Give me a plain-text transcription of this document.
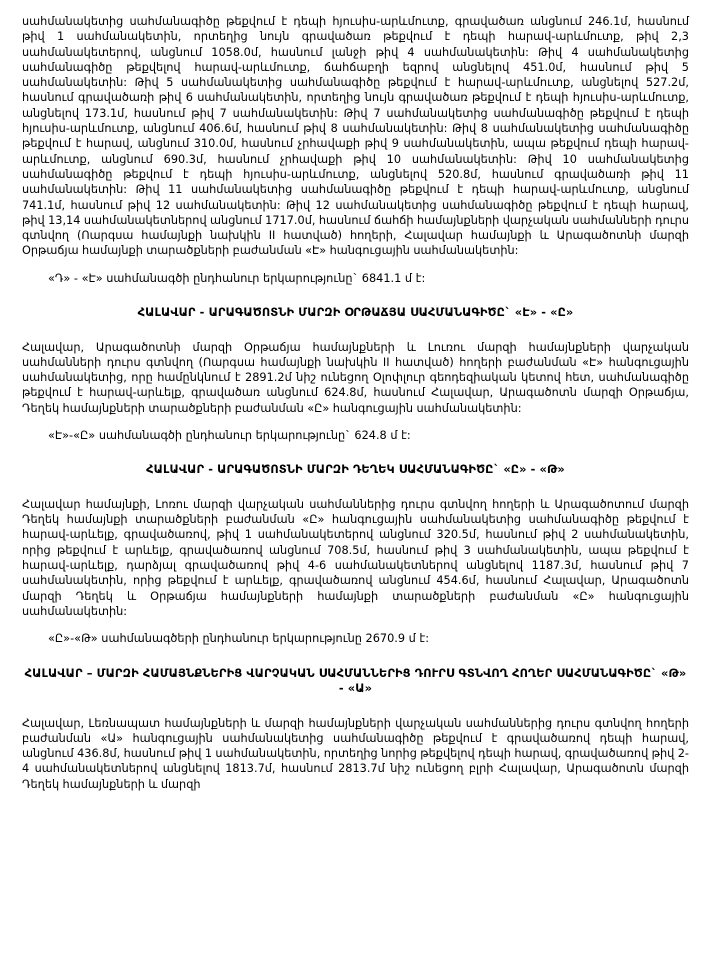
սահմանակետից սահմանագիծը թեքվում է դեպի հյուսիս-արևմուտք, գրավածառ անցնում 246.1մ, հասնում թիվ 1 սահմանակետին, որտեղից նույն գրավածառ թեքվում է դեպի հարավ-արևմուտք, թիվ 2,3 սահմանակետերով, անցնում 1058.0մ, հասնում լանջի թիվ 4 սահմանակետին: Թիվ 4 սահմանակետից սահմանագիծը թեքվելով հարավ-արևմուտք, ճահճաբղի եզրով անցնելով 451.0մ, հասնում թիվ 5 սահմանակետին: Թիվ 5 սահմանակետից սահմանագիծը թեքվում է հարավ-արևմուտք, անցնելով 527.2մ, հասնում գրավածառի թիվ 6 սահմանակետին, որտեղից նույն գրավածառ թեքվում է դեպի հյուսիս-արևմուտք, անցնելով 173.1մ, հասնում թիվ 7 սահմանակետին: Թիվ 7 սահմանակետից սահմանագիծը թեքվում է դեպի հյուսիս-արևմուտք, անցնում 406.6մ, հասնում թիվ 8 սահմանակետին: Թիվ 8 սահմանակետից սահմանագիծը թեքվում է հարավ, անցնում 310.0մ, հասնում չրհավաքի թիվ 9 սահմանակետին, ապա թեքվում դեպի հարավ-արևմուտք, անցնում 690.3մ, հասնում չրհավաքի թիվ 10 սահմանակետին: Թիվ 10 սահմանակետից սահմանագիծը թեքվում է դեպի հյուսիս-արևմուտք, անցնելով 520.8մ, հասնում գրավածառի թիվ 11 սահմանակետին: Թիվ 11 սահմանակետից սահմանագիծը թեքվում է դեպի հարավ-արևմուտք, անցնում 741.1մ, հասնում թիվ 12 սահմանակետին: Թիվ 12 սահմանակետից սահմանագիծը թեքվում է դեպի հարավ, թիվ 13,14 սահմանակետներով անցնում 1717.0մ, հասնում ճահճի համայնքների վարչական սահմանների դուրս գտնվող (Ոարգսա համայնքի նախկին II հատված) հողերի, Հալավար համայնքի և Արագածոտնի մարզի Օրթաճյա համայնքի տարածքների բաժանման «Է» հանգուցային սահմանակետին:

«Դ» - «Է» սահմանագծի ընդհանուր երկարությունը` 6841.1 մ է:

ՀԱԼԱՎԱՐ - ԱՐԱԳԱԾՈՏՆԻ ՄԱՐԶԻ ՕՐԹԱՃՅԱ ՍԱՀՄԱՆԱԳԻԾԸ` «Է» - «Ը»

Հալավար, Արագածոտնի մարզի Օրթաճյա համայնքների և Լուռու մարզի համայնքների վարչական սահմանների դուրս գտնվող (Ոարգսա համայնքի նախկին II հատված) հողերի բաժանման «Է» հանգուցային սահմանակետից, որը համընկնում է 2891.2մ նիշ ունեցող Օլոփլուր գեոդեզիական կետով հետ, սահմանագիծը թեքվում է հարավ-արևելք, գրավածառ անցնում 624.8մ, հասնում Հալավար, Արագածոտն մարզի Օրթաճյա, Դեղեկ համայնքների տարածքների բաժանման «Ը» հանգուցային սահմանակետին:

«Է»-«Ը» սահմանագծի ընդհանուր երկարությունը` 624.8 մ է:

ՀԱԼԱՎԱՐ - ԱՐԱԳԱԾՈՏՆԻ ՄԱՐԶԻ ԴԵՂԵԿ ՍԱՀՄԱՆԱԳԻԾԸ` «Ը» - «Թ»

Հալավար համայնքի, Լոռու մարզի վարչական սահմաններից դուրս գտնվող հողերի և Արագածոտում մարզի Դեղեկ համայնքի տարածքների բաժանման «Ը» հանգուցային սահմանակետից սահմանագիծը թեքվում է հարավ-արևելք, գրավածառով, թիվ 1 սահմանակետերով անցնում 320.5մ, հասնում թիվ 2 սահմանակետին, որից թեքվում է արևելք, գրավածառով անցնում 708.5մ, հասնում թիվ 3 սահմանակետին, ապա թեքվում է հարավ-արևելք, դարձյալ գրավածառով թիվ 4-6 սահմանակետներով անցնելով 1187.3մ, հասնում թիվ 7 սահմանակետին, որից թեքվում է արևելք, գրավածառով անցնում 454.6մ, հասնում Հալավար, Արագածոտն մարզի Դեղեկ և Օրթաճյա համայնքների համայնքի տարածքների բաժանման «Ը» հանգուցային սահմանակետին:

«Ը»-«Թ» սահմանագծերի ընդհանուր երկարությունը 2670.9 մ է:

ՀԱԼԱՎԱՐ – ՄԱՐԶԻ ՀԱՄԱՅՆՔՆԵՐԻՑ ՎԱՐՉԱԿԱՆ ՍԱՀՄԱՆՆԵՐԻՑ ԴՈՒՐՍ ԳՏՆՎՈՂ ՀՈՂԵՐ ՍԱՀՄԱՆԱԳԻԾԸ` «Թ» - «Ա»

Հալավար, Լեռնապատ համայնքների և մարզի համայնքների վարչական սահմաններից դուրս գտնվող հողերի բաժանման «Ա» հանգուցային սահմանակետից սահմանագիծը թեքվում է գրավածառով դեպի հարավ, անցնում 436.8մ, հասնում թիվ 1 սահմանակետին, որտեղից նորից թեքվելով դեպի հարավ, գրավածառով թիվ 2-4 սահմանակետներով անցնելով 1813.7մ, հասնում 2813.7մ նիշ ունեցող բլրի Հալավար, Արագածոտն մարզի Դեղեկ համայնքների և մարզի
